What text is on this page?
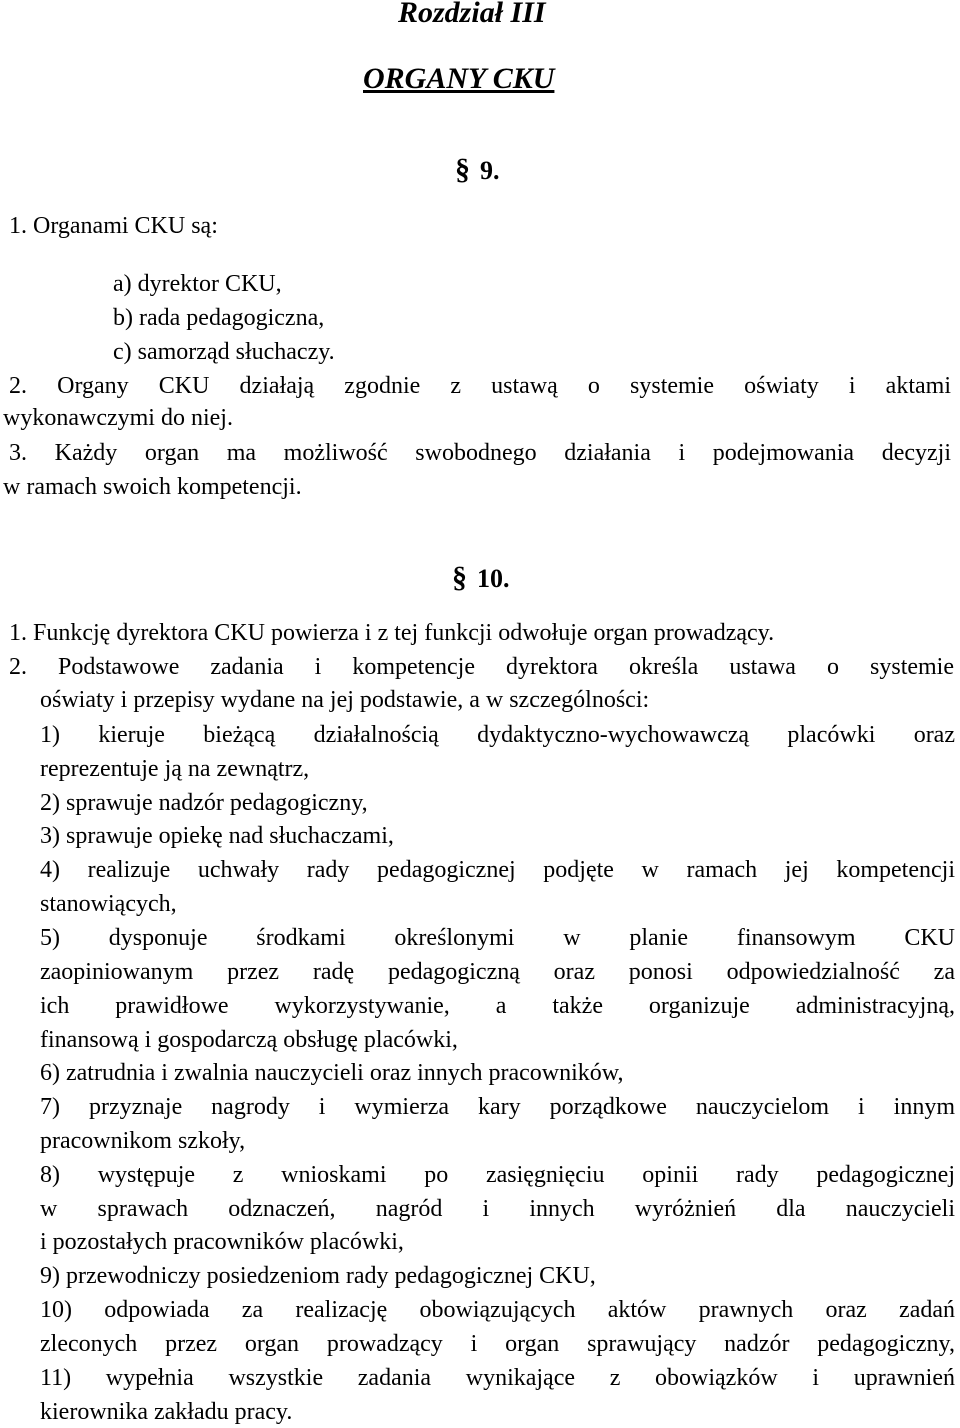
Rozdział III
ORGANY CKU
§ 9.
1. Organami CKU są:
a) dyrektor CKU,
b) rada pedagogiczna,
c) samorząd słuchaczy.
2. Organy CKU działają zgodnie z ustawą o systemie oświaty i aktami
wykonawczymi do niej.
3. Każdy organ ma możliwość swobodnego działania i podejmowania decyzji
w ramach swoich kompetencji.
§ 10.
1. Funkcję dyrektora CKU powierza i z tej funkcji odwołuje organ prowadzący.
2. Podstawowe zadania i kompetencje dyrektora określa ustawa o systemie
oświaty i przepisy wydane na jej podstawie, a w szczególności:
1) kieruje bieżącą działalnością dydaktyczno-wychowawczą placówki oraz
reprezentuje ją na zewnątrz,
2) sprawuje nadzór pedagogiczny,
3) sprawuje opiekę nad słuchaczami,
4) realizuje uchwały rady pedagogicznej podjęte w ramach jej kompetencji
stanowiących,
5) dysponuje środkami określonymi w planie finansowym CKU
zaopiniowanym przez radę pedagogiczną oraz ponosi odpowiedzialność za
ich prawidłowe wykorzystywanie, a także organizuje administracyjną,
finansową i gospodarczą obsługę placówki,
6) zatrudnia i zwalnia nauczycieli oraz innych pracowników,
7) przyznaje nagrody i wymierza kary porządkowe nauczycielom i innym
pracownikom szkoły,
8) występuje z wnioskami po zasięgnięciu opinii rady pedagogicznej
w sprawach odznaczeń, nagród i innych wyróżnień dla nauczycieli
i pozostałych pracowników placówki,
9) przewodniczy posiedzeniom rady pedagogicznej CKU,
10) odpowiada za realizację obowiązujących aktów prawnych oraz zadań
zleconych przez organ prowadzący i organ sprawujący nadzór pedagogiczny,
11) wypełnia wszystkie zadania wynikające z obowiązków i uprawnień
kierownika zakładu pracy.
